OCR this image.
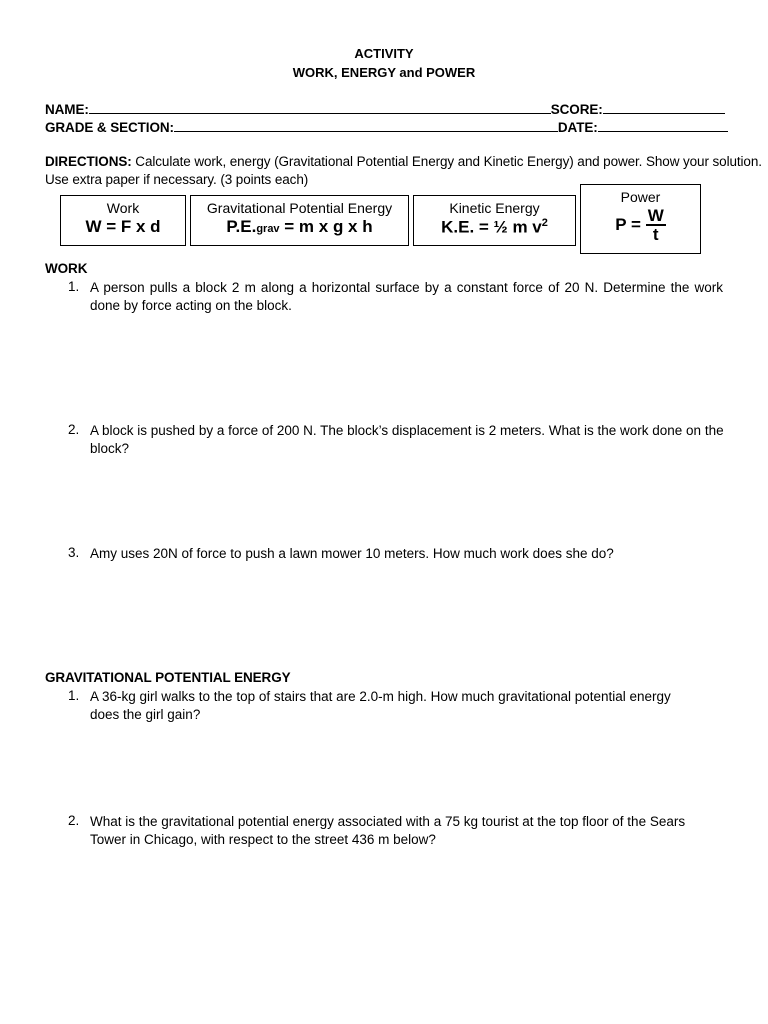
ACTIVITY
WORK, ENERGY and POWER
NAME:	SCORE:
GRADE & SECTION:	DATE:
DIRECTIONS: Calculate work, energy (Gravitational Potential Energy and Kinetic Energy) and power. Show your solution.
Use extra paper if necessary. (3 points each)
Work
W = F x d
Gravitational Potential Energy
P.E.grav = m x g x h
Kinetic Energy
K.E. = ½ m $v^2$
Power
$P = \frac{W}{t}$
WORK
1. A person pulls a block 2 m along a horizontal surface by a constant force of 20 N. Determine the work done by force acting on the block.
2. A block is pushed by a force of 200 N. The block’s displacement is 2 meters. What is the work done on the block?
3. Amy uses 20N of force to push a lawn mower 10 meters. How much work does she do?
GRAVITATIONAL POTENTIAL ENERGY
1. A 36-kg girl walks to the top of stairs that are 2.0-m high. How much gravitational potential energy does the girl gain?
2. What is the gravitational potential energy associated with a 75 kg tourist at the top floor of the Sears Tower in Chicago, with respect to the street 436 m below?
